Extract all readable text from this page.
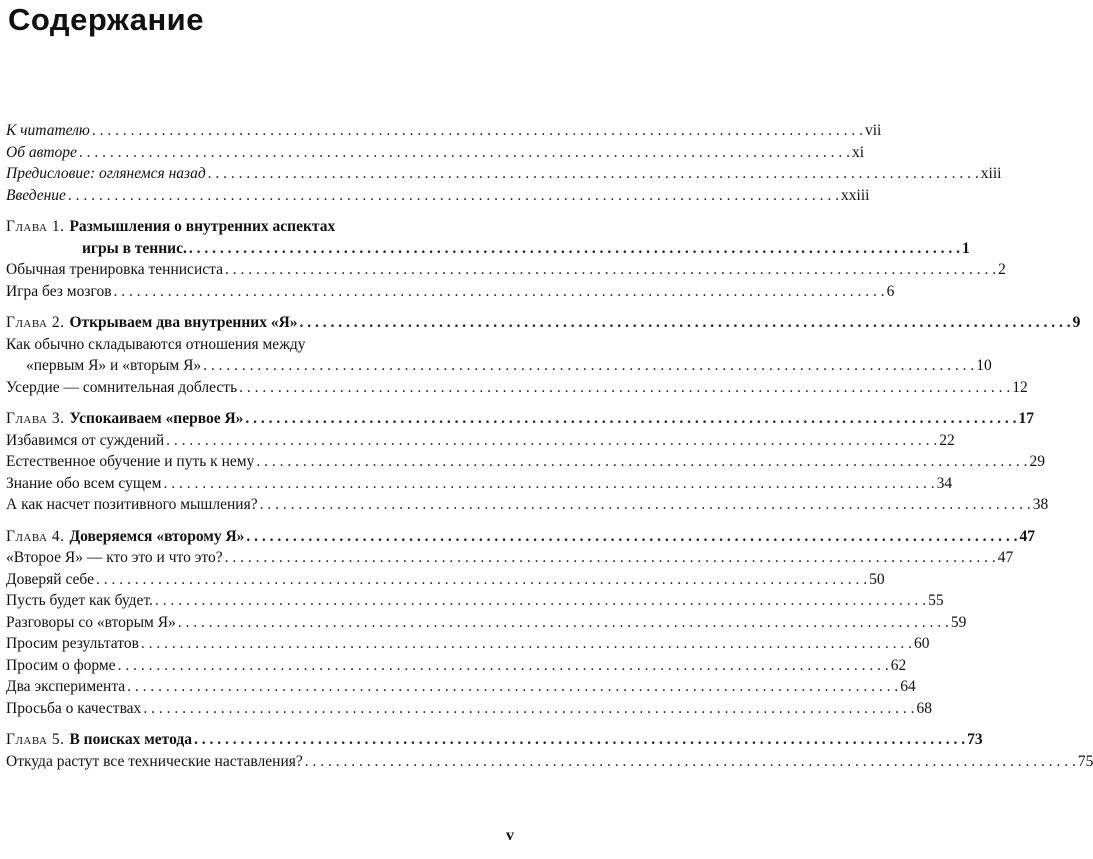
Содержание
К читателю . . .	vii
Об авторе . . .	xi
Предисловие: оглянемся назад . . .	xiii
Введение . . .	xxiii
Глава 1. Размышления о внутренних аспектах
игры в теннис. . . .	1
Обычная тренировка теннисиста . . .	2
Игра без мозгов . . .	6
Глава 2. Открываем два внутренних «Я» . . .	9
Как обычно складываются отношения между
«первым Я» и «вторым Я» . . .	10
Усердие — сомнительная доблесть . . .	12
Глава 3. Успокаиваем «первое Я» . . .	17
Избавимся от суждений . . .	22
Естественное обучение и путь к нему . . .	29
Знание обо всем сущем . . .	34
А как насчет позитивного мышления? . . .	38
Глава 4. Доверяемся «второму Я» . . .	47
«Второе Я» — кто это и что это? . . .	47
Доверяй себе . . .	50
Пусть будет как будет. . . .	55
Разговоры со «вторым Я» . . .	59
Просим результатов . . .	60
Просим о форме . . .	62
Два эксперимента . . .	64
Просьба о качествах . . .	68
Глава 5. В поисках метода . . .	73
Откуда растут все технические наставления? . . .	75
v
